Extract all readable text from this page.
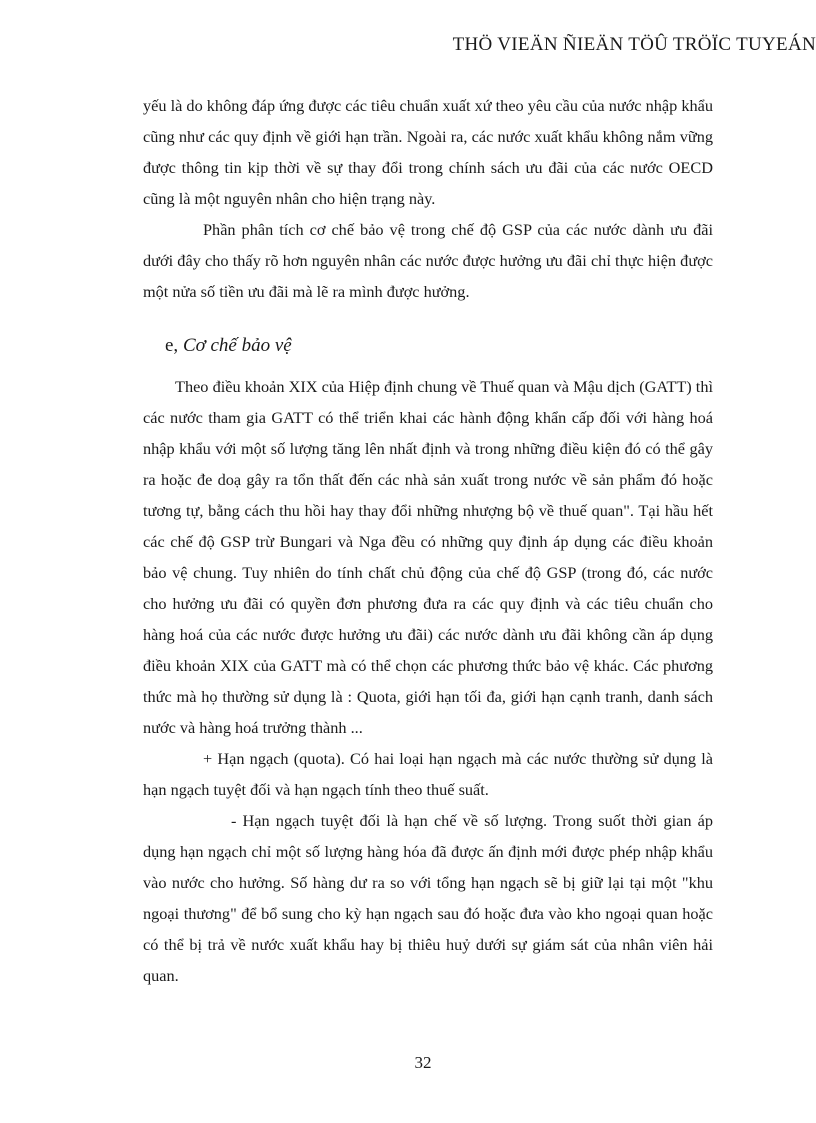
THÖ VIEÄN ÑIEÄN TÖÛ TRÖÏC TUYEÁN

yếu là do không đáp ứng được các tiêu chuẩn xuất xứ theo yêu cầu của nước nhập khẩu cũng như các quy định về giới hạn trần. Ngoài ra, các nước xuất khẩu không nắm vững được thông tin kịp thời về sự thay đổi trong chính sách ưu đãi của các nước OECD cũng là một nguyên nhân cho hiện trạng này.

Phần phân tích cơ chế bảo vệ trong chế độ GSP của các nước dành ưu đãi dưới đây cho thấy rõ hơn nguyên nhân các nước được hưởng ưu đãi chỉ thực hiện được một nửa số tiền ưu đãi mà lẽ ra mình được hưởng.

e, Cơ chế bảo vệ

Theo điều khoản XIX của Hiệp định chung về Thuế quan và Mậu dịch (GATT) thì các nước tham gia GATT có thể triển khai các hành động khẩn cấp đối với hàng hoá nhập khẩu với một số lượng tăng lên nhất định và trong những điều kiện đó có thể gây ra hoặc đe doạ gây ra tổn thất đến các nhà sản xuất trong nước về sản phẩm đó hoặc tương tự, bằng cách thu hồi hay thay đổi những nhượng bộ về thuế quan". Tại hầu hết các chế độ GSP trừ Bungari và Nga đều có những quy định áp dụng các điều khoản bảo vệ chung. Tuy nhiên do tính chất chủ động của chế độ GSP (trong đó, các nước cho hưởng ưu đãi có quyền đơn phương đưa ra các quy định và các tiêu chuẩn cho hàng hoá của các nước được hưởng ưu đãi) các nước dành ưu đãi không cần áp dụng điều khoản XIX của GATT mà có thể chọn các phương thức bảo vệ khác. Các phương thức mà họ thường sử dụng là : Quota, giới hạn tối đa, giới hạn cạnh tranh, danh sách nước và hàng hoá trưởng thành ...

+ Hạn ngạch (quota). Có hai loại hạn ngạch mà các nước thường sử dụng là hạn ngạch tuyệt đối và hạn ngạch tính theo thuế suất.

- Hạn ngạch tuyệt đối là hạn chế về số lượng. Trong suốt thời gian áp dụng hạn ngạch chỉ một số lượng hàng hóa đã được ấn định mới được phép nhập khẩu vào nước cho hưởng. Số hàng dư ra so với tổng hạn ngạch sẽ bị giữ lại tại một "khu ngoại thương" để bổ sung cho kỳ hạn ngạch sau đó hoặc đưa vào kho ngoại quan hoặc có thể bị trả về nước xuất khẩu hay bị thiêu huỷ dưới sự giám sát của nhân viên hải quan.

32
